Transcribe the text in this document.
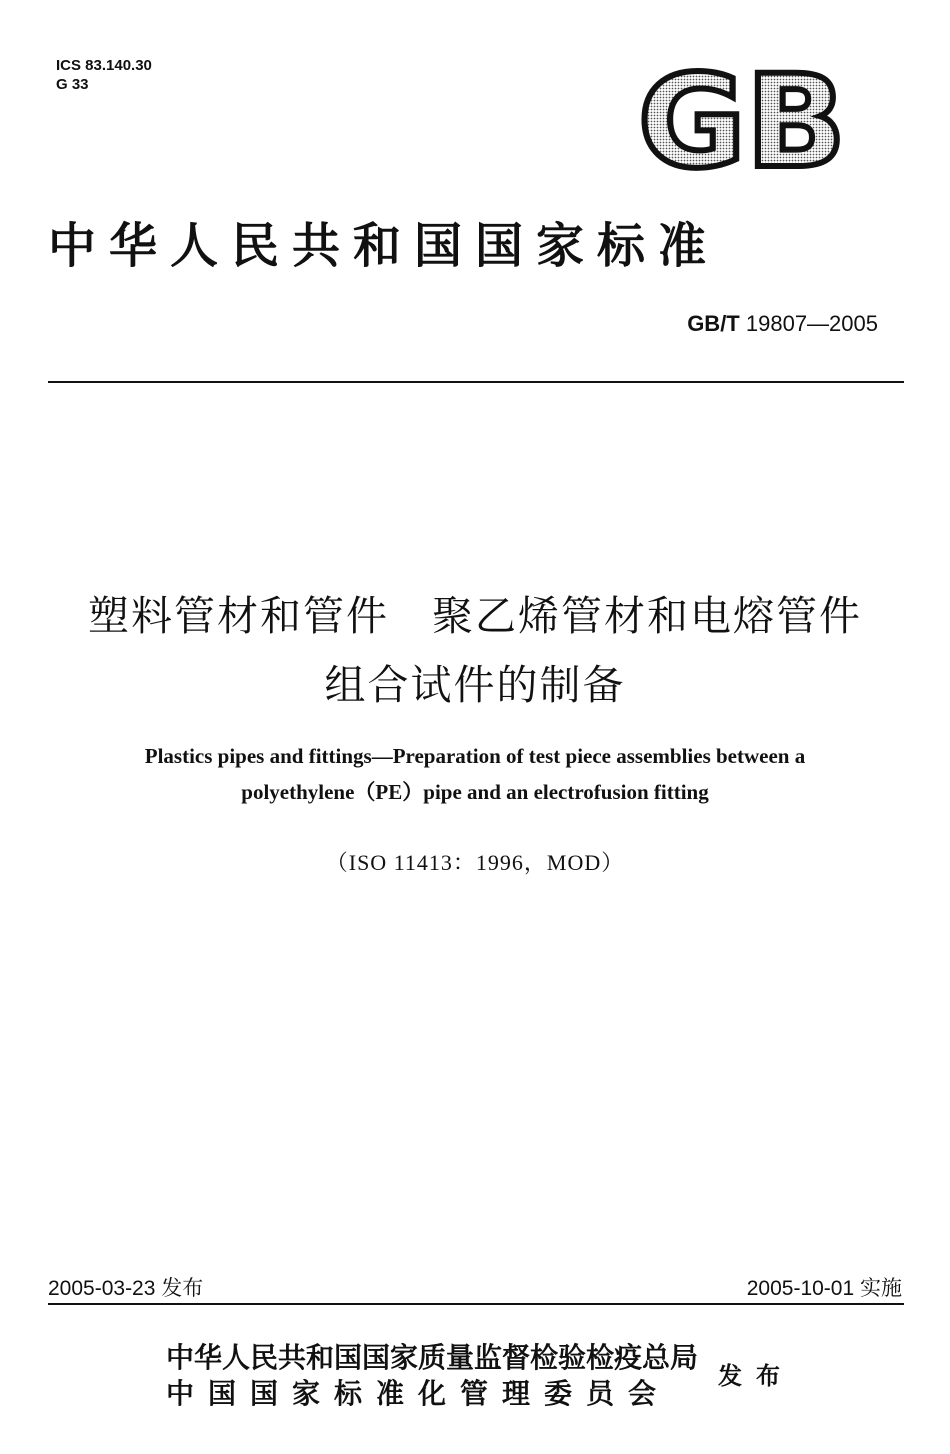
ICS 83.140.30
G 33	GB
中华人民共和国国家标准
GB/T 19807—2005
塑料管材和管件　聚乙烯管材和电熔管件
组合试件的制备
Plastics pipes and fittings—Preparation of test piece assemblies between a
polyethylene（PE）pipe and an electrofusion fitting
（ISO 11413：1996，MOD）
2005-03-23 发布	2005-10-01 实施
中华人民共和国国家质量监督检验检疫总局
中国国家标准化管理委员会
发布
